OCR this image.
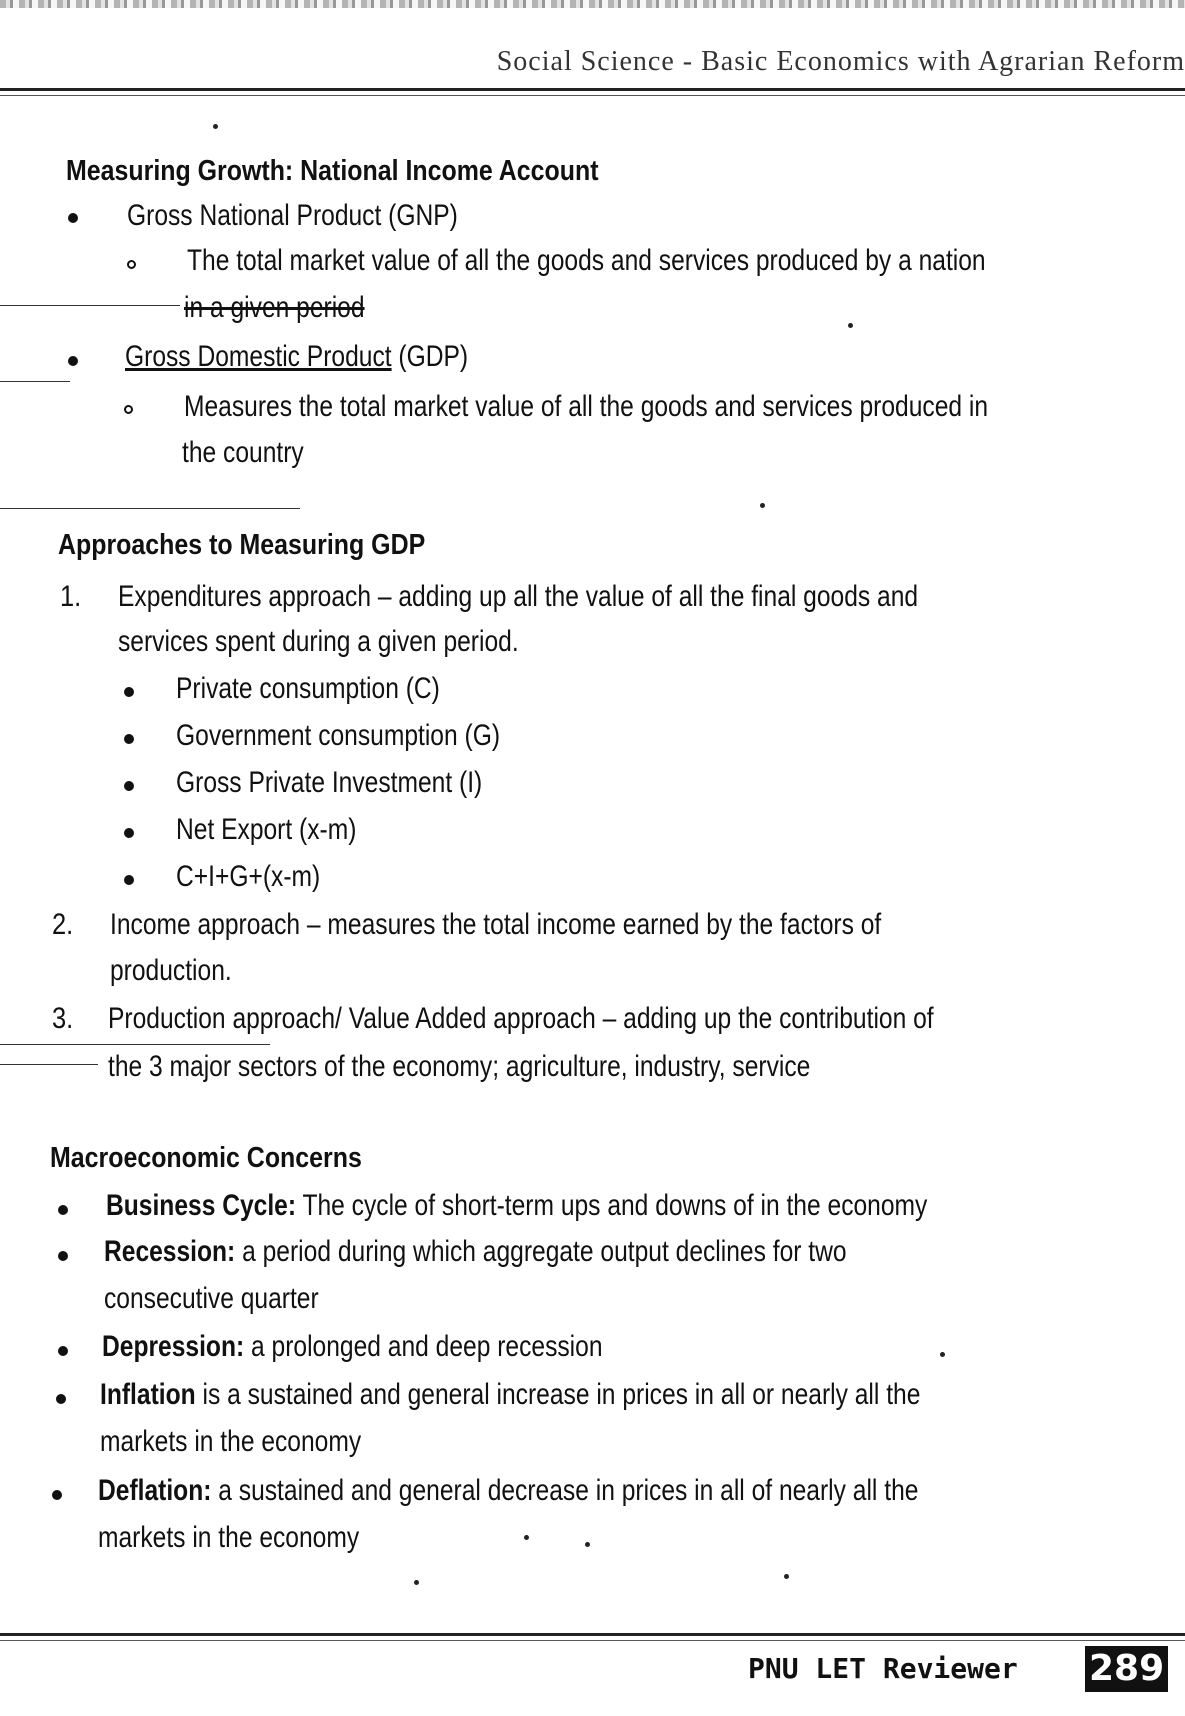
Social Science - Basic Economics with Agrarian Reform
Measuring Growth: National Income Account
Gross National Product (GNP)
The total market value of all the goods and services produced by a nation
in a given period
Gross Domestic Product (GDP)
Measures the total market value of all the goods and services produced in
the country
Approaches to Measuring GDP
1. Expenditures approach – adding up all the value of all the final goods and
services spent during a given period.
Private consumption (C)
Government consumption (G)
Gross Private Investment (I)
Net Export (x-m)
C+I+G+(x-m)
2. Income approach – measures the total income earned by the factors of
production.
3. Production approach/ Value Added approach – adding up the contribution of
the 3 major sectors of the economy; agriculture, industry, service
Macroeconomic Concerns
Business Cycle: The cycle of short-term ups and downs of in the economy
Recession: a period during which aggregate output declines for two
consecutive quarter
Depression: a prolonged and deep recession
Inflation is a sustained and general increase in prices in all or nearly all the
markets in the economy
Deflation: a sustained and general decrease in prices in all of nearly all the
markets in the economy
PNU LET Reviewer 289
